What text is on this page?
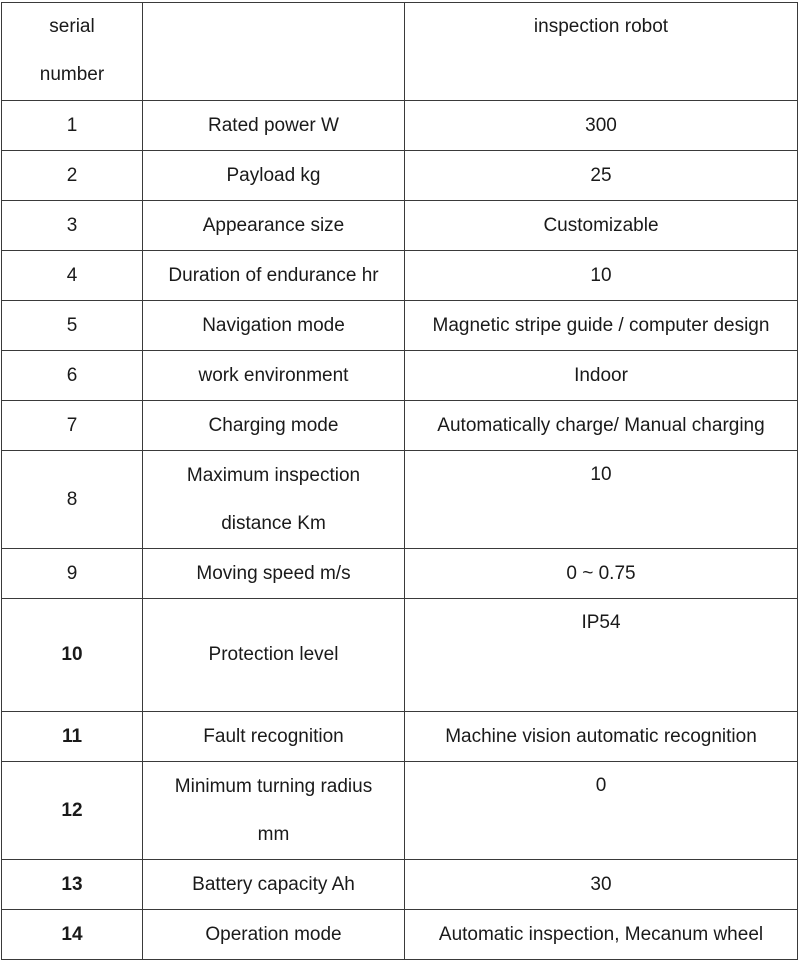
serial number		inspection robot
1	Rated power W	300
2	Payload kg	25
3	Appearance size	Customizable
4	Duration of endurance hr	10
5	Navigation mode	Magnetic stripe guide / computer design
6	work environment	Indoor
7	Charging mode	Automatically charge/ Manual charging
8	Maximum inspection distance Km	10
9	Moving speed m/s	0 ~ 0.75
10	Protection level	IP54
11	Fault recognition	Machine vision automatic recognition
12	Minimum turning radius mm	0
13	Battery capacity Ah	30
14	Operation mode	Automatic inspection, Mecanum wheel
